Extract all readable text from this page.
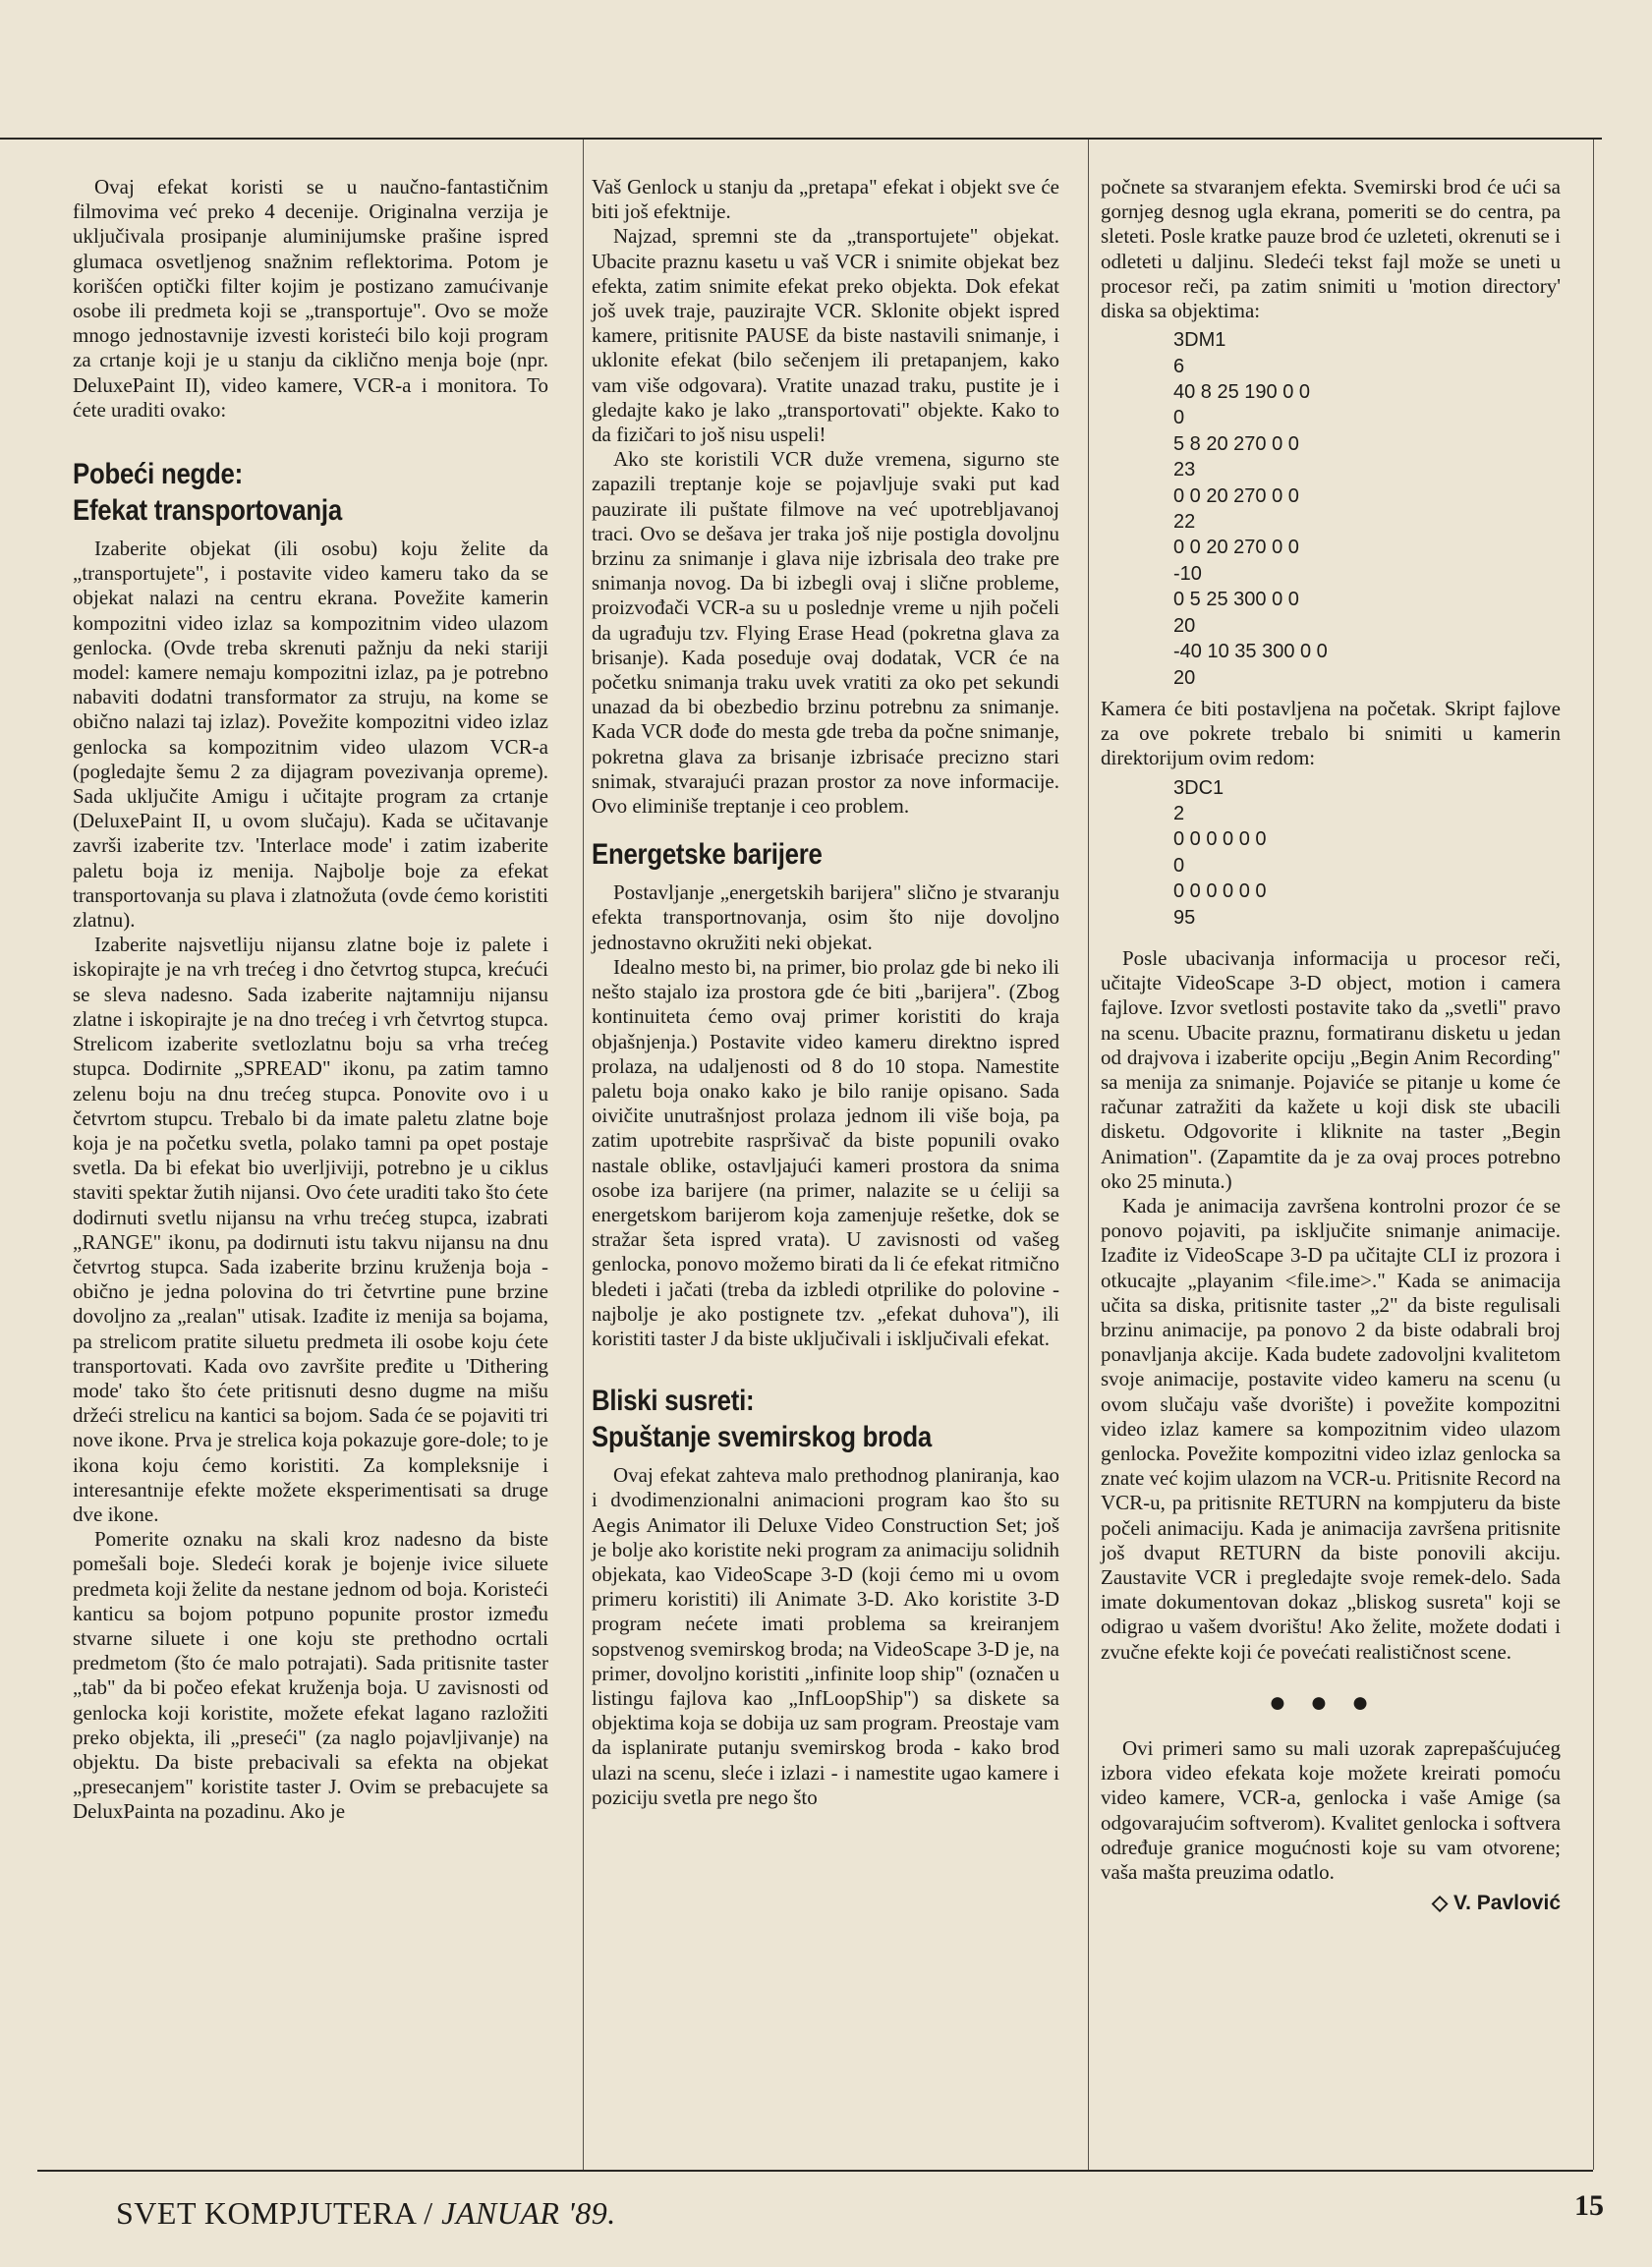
Ovaj efekat koristi se u naučno-fantastičnim filmovima već preko 4 decenije. Originalna verzija je uključivala prosipanje aluminijumske prašine ispred glumaca osvetljenog snažnim reflektorima. Potom je korišćen optički filter kojim je postizano zamućivanje osobe ili predmeta koji se „transportuje". Ovo se može mnogo jednostavnije izvesti koristeći bilo koji program za crtanje koji je u stanju da ciklično menja boje (npr. DeluxePaint II), video kamere, VCR-a i monitora. To ćete uraditi ovako:

Pobeći negde:
Efekat transportovanja

Izaberite objekat (ili osobu) koju želite da „transportujete", i postavite video kameru tako da se objekat nalazi na centru ekrana. Povežite kamerin kompozitni video izlaz sa kompozitnim video ulazom genlocka. (Ovde treba skrenuti pažnju da neki stariji model: kamere nemaju kompozitni izlaz, pa je potrebno nabaviti dodatni transformator za struju, na kome se obično nalazi taj izlaz). Povežite kompozitni video izlaz genlocka sa kompozitnim video ulazom VCR-a (pogledajte šemu 2 za dijagram povezivanja opreme). Sada uključite Amigu i učitajte program za crtanje (DeluxePaint II, u ovom slučaju). Kada se učitavanje završi izaberite tzv. 'Interlace mode' i zatim izaberite paletu boja iz menija. Najbolje boje za efekat transportovanja su plava i zlatnožuta (ovde ćemo koristiti zlatnu).

Izaberite najsvetliju nijansu zlatne boje iz palete i iskopirajte je na vrh trećeg i dno četvrtog stupca, krećući se sleva nadesno. Sada izaberite najtamniju nijansu zlatne i iskopirajte je na dno trećeg i vrh četvrtog stupca. Strelicom izaberite svetlozlatnu boju sa vrha trećeg stupca. Dodirnite „SPREAD" ikonu, pa zatim tamno zelenu boju na dnu trećeg stupca. Ponovite ovo i u četvrtom stupcu. Trebalo bi da imate paletu zlatne boje koja je na početku svetla, polako tamni pa opet postaje svetla. Da bi efekat bio uverljiviji, potrebno je u ciklus staviti spektar žutih nijansi. Ovo ćete uraditi tako što ćete dodirnuti svetlu nijansu na vrhu trećeg stupca, izabrati „RANGE" ikonu, pa dodirnuti istu takvu nijansu na dnu četvrtog stupca. Sada izaberite brzinu kruženja boja - obično je jedna polovina do tri četvrtine pune brzine dovoljno za „realan" utisak. Izađite iz menija sa bojama, pa strelicom pratite siluetu predmeta ili osobe koju ćete transportovati. Kada ovo završite pređite u 'Dithering mode' tako što ćete pritisnuti desno dugme na mišu držeći strelicu na kantici sa bojom. Sada će se pojaviti tri nove ikone. Prva je strelica koja pokazuje gore-dole; to je ikona koju ćemo koristiti. Za kompleksnije i interesantnije efekte možete eksperimentisati sa druge dve ikone.

Pomerite oznaku na skali kroz nadesno da biste pomešali boje. Sledeći korak je bojenje ivice siluete predmeta koji želite da nestane jednom od boja. Koristeći kanticu sa bojom potpuno popunite prostor između stvarne siluete i one koju ste prethodno ocrtali predmetom (što će malo potrajati). Sada pritisnite taster „tab" da bi počeo efekat kruženja boja. U zavisnosti od genlocka koji koristite, možete efekat lagano razložiti preko objekta, ili „preseći" (za naglo pojavljivanje) na objektu. Da biste prebacivali sa efekta na objekat „presecanjem" koristite taster J. Ovim se prebacujete sa DeluxPainta na pozadinu. Ako je

Vaš Genlock u stanju da „pretapa" efekat i objekt sve će biti još efektnije.

Najzad, spremni ste da „transportujete" objekat. Ubacite praznu kasetu u vaš VCR i snimite objekat bez efekta, zatim snimite efekat preko objekta. Dok efekat još uvek traje, pauzirajte VCR. Sklonite objekt ispred kamere, pritisnite PAUSE da biste nastavili snimanje, i uklonite efekat (bilo sečenjem ili pretapanjem, kako vam više odgovara). Vratite unazad traku, pustite je i gledajte kako je lako „transportovati" objekte. Kako to da fizičari to još nisu uspeli!

Ako ste koristili VCR duže vremena, sigurno ste zapazili treptanje koje se pojavljuje svaki put kad pauzirate ili puštate filmove na već upotrebljavanoj traci. Ovo se dešava jer traka još nije postigla dovoljnu brzinu za snimanje i glava nije izbrisala deo trake pre snimanja novog. Da bi izbegli ovaj i slične probleme, proizvođači VCR-a su u poslednje vreme u njih počeli da ugrađuju tzv. Flying Erase Head (pokretna glava za brisanje). Kada poseduje ovaj dodatak, VCR će na početku snimanja traku uvek vratiti za oko pet sekundi unazad da bi obezbedio brzinu potrebnu za snimanje. Kada VCR dođe do mesta gde treba da počne snimanje, pokretna glava za brisanje izbrisaće precizno stari snimak, stvarajući prazan prostor za nove informacije. Ovo eliminiše treptanje i ceo problem.

Energetske barijere

Postavljanje „energetskih barijera" slično je stvaranju efekta transportnovanja, osim što nije dovoljno jednostavno okružiti neki objekat.

Idealno mesto bi, na primer, bio prolaz gde bi neko ili nešto stajalo iza prostora gde će biti „barijera". (Zbog kontinuiteta ćemo ovaj primer koristiti do kraja objašnjenja.) Postavite video kameru direktno ispred prolaza, na udaljenosti od 8 do 10 stopa. Namestite paletu boja onako kako je bilo ranije opisano. Sada oivičite unutrašnjost prolaza jednom ili više boja, pa zatim upotrebite raspršivač da biste popunili ovako nastale oblike, ostavljajući kameri prostora da snima osobe iza barijere (na primer, nalazite se u ćeliji sa energetskom barijerom koja zamenjuje rešetke, dok se stražar šeta ispred vrata). U zavisnosti od vašeg genlocka, ponovo možemo birati da li će efekat ritmično bledeti i jačati (treba da izbledi otprilike do polovine - najbolje je ako postignete tzv. „efekat duhova"), ili koristiti taster J da biste uključivali i isključivali efekat.

Bliski susreti:
Spuštanje svemirskog broda

Ovaj efekat zahteva malo prethodnog planiranja, kao i dvodimenzionalni animacioni program kao što su Aegis Animator ili Deluxe Video Construction Set; još je bolje ako koristite neki program za animaciju solidnih objekata, kao VideoScape 3-D (koji ćemo mi u ovom primeru koristiti) ili Animate 3-D. Ako koristite 3-D program nećete imati problema sa kreiranjem sopstvenog svemirskog broda; na VideoScape 3-D je, na primer, dovoljno koristiti „infinite loop ship" (označen u listingu fajlova kao „InfLoopShip") sa diskete sa objektima koja se dobija uz sam program. Preostaje vam da isplanirate putanju svemirskog broda - kako brod ulazi na scenu, sleće i izlazi - i namestite ugao kamere i poziciju svetla pre nego što

počnete sa stvaranjem efekta. Svemirski brod će ući sa gornjeg desnog ugla ekrana, pomeriti se do centra, pa sleteti. Posle kratke pauze brod će uzleteti, okrenuti se i odleteti u daljinu. Sledeći tekst fajl može se uneti u procesor reči, pa zatim snimiti u 'motion directory' diska sa objektima:

3DM1
6
40 8 25 190 0 0
0
5 8 20 270 0 0
23
0 0 20 270 0 0
22
0 0 20 270 0 0
-10
0 5 25 300 0 0
20
-40 10 35 300 0 0
20

Kamera će biti postavljena na početak. Skript fajlove za ove pokrete trebalo bi snimiti u kamerin direktorijum ovim redom:

3DC1
2
0 0 0 0 0 0
0
0 0 0 0 0 0
95

Posle ubacivanja informacija u procesor reči, učitajte VideoScape 3-D object, motion i camera fajlove. Izvor svetlosti postavite tako da „svetli" pravo na scenu. Ubacite praznu, formatiranu disketu u jedan od drajvova i izaberite opciju „Begin Anim Recording" sa menija za snimanje. Pojaviće se pitanje u kome će računar zatražiti da kažete u koji disk ste ubacili disketu. Odgovorite i kliknite na taster „Begin Animation". (Zapamtite da je za ovaj proces potrebno oko 25 minuta.)

Kada je animacija završena kontrolni prozor će se ponovo pojaviti, pa isključite snimanje animacije. Izađite iz VideoScape 3-D pa učitajte CLI iz prozora i otkucajte „playanim <file.ime>." Kada se animacija učita sa diska, pritisnite taster „2" da biste regulisali brzinu animacije, pa ponovo 2 da biste odabrali broj ponavljanja akcije. Kada budete zadovoljni kvalitetom svoje animacije, postavite video kameru na scenu (u ovom slučaju vaše dvorište) i povežite kompozitni video izlaz kamere sa kompozitnim video ulazom genlocka. Povežite kompozitni video izlaz genlocka sa znate već kojim ulazom na VCR-u. Pritisnite Record na VCR-u, pa pritisnite RETURN na kompjuteru da biste počeli animaciju. Kada je animacija završena pritisnite još dvaput RETURN da biste ponovili akciju. Zaustavite VCR i pregledajte svoje remek-delo. Sada imate dokumentovan dokaz „bliskog susreta" koji se odigrao u vašem dvorištu! Ako želite, možete dodati i zvučne efekte koji će povećati realističnost scene.

●●●

Ovi primeri samo su mali uzorak zaprepašćujućeg izbora video efekata koje možete kreirati pomoću video kamere, VCR-a, genlocka i vaše Amige (sa odgovarajućim softverom). Kvalitet genlocka i softvera određuje granice mogućnosti koje su vam otvorene; vaša mašta preuzima odatlo.

◇ V. Pavlović
SVET KOMPJUTERA / JANUAR '89.	15
